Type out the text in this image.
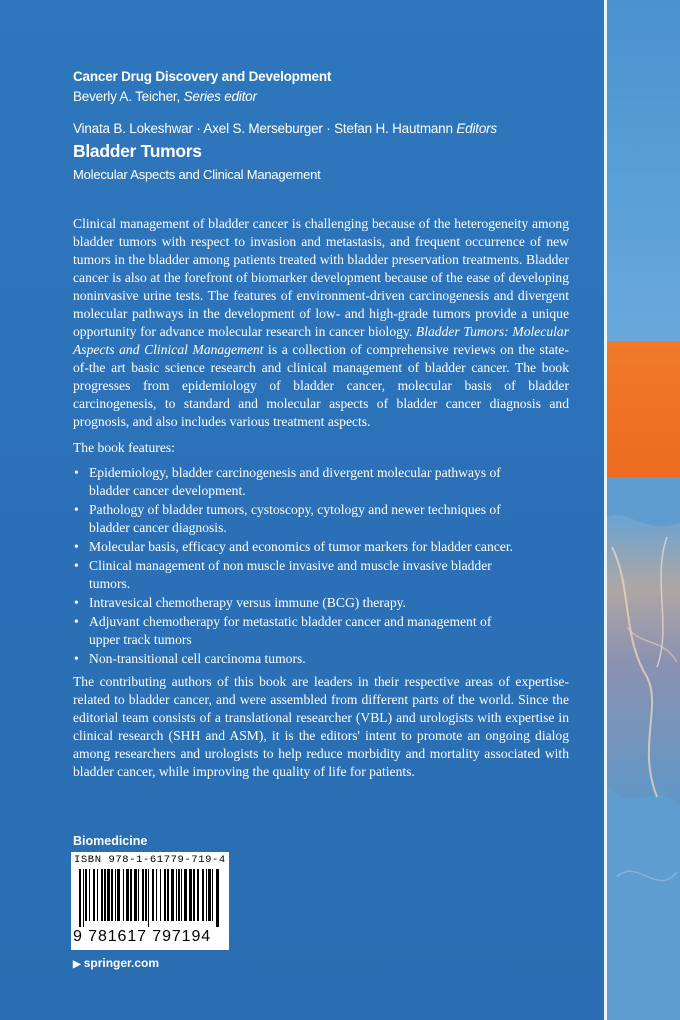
Cancer Drug Discovery and Development
Beverly A. Teicher, Series editor
Vinata B. Lokeshwar · Axel S. Merseburger · Stefan H. Hautmann Editors
Bladder Tumors
Molecular Aspects and Clinical Management
Clinical management of bladder cancer is challenging because of the heterogeneity among bladder tumors with respect to invasion and metastasis, and frequent occurrence of new tumors in the bladder among patients treated with bladder preservation treatments. Bladder cancer is also at the forefront of biomarker development because of the ease of developing noninvasive urine tests. The features of environment-driven carcinogenesis and divergent molecular pathways in the development of low- and high-grade tumors provide a unique opportunity for advance molecular research in cancer biology. Bladder Tumors: Molecular Aspects and Clinical Management is a collection of comprehensive reviews on the state-of-the art basic science research and clinical management of bladder cancer. The book progresses from epidemiology of bladder cancer, molecular basis of bladder carcinogenesis, to standard and molecular aspects of bladder cancer diagnosis and prognosis, and also includes various treatment aspects.
The book features:
• Epidemiology, bladder carcinogenesis and divergent molecular pathways of bladder cancer development.
• Pathology of bladder tumors, cystoscopy, cytology and newer techniques of bladder cancer diagnosis.
• Molecular basis, efficacy and economics of tumor markers for bladder cancer.
• Clinical management of non muscle invasive and muscle invasive bladder tumors.
• Intravesical chemotherapy versus immune (BCG) therapy.
• Adjuvant chemotherapy for metastatic bladder cancer and management of upper track tumors
• Non-transitional cell carcinoma tumors.
The contributing authors of this book are leaders in their respective areas of expertise-related to bladder cancer, and were assembled from different parts of the world. Since the editorial team consists of a translational researcher (VBL) and urologists with expertise in clinical research (SHH and ASM), it is the editors' intent to promote an ongoing dialog among researchers and urologists to help reduce morbidity and mortality associated with bladder cancer, while improving the quality of life for patients.
Biomedicine
ISBN 978-1-61779-719-4
9 781617 797194
▶ springer.com
